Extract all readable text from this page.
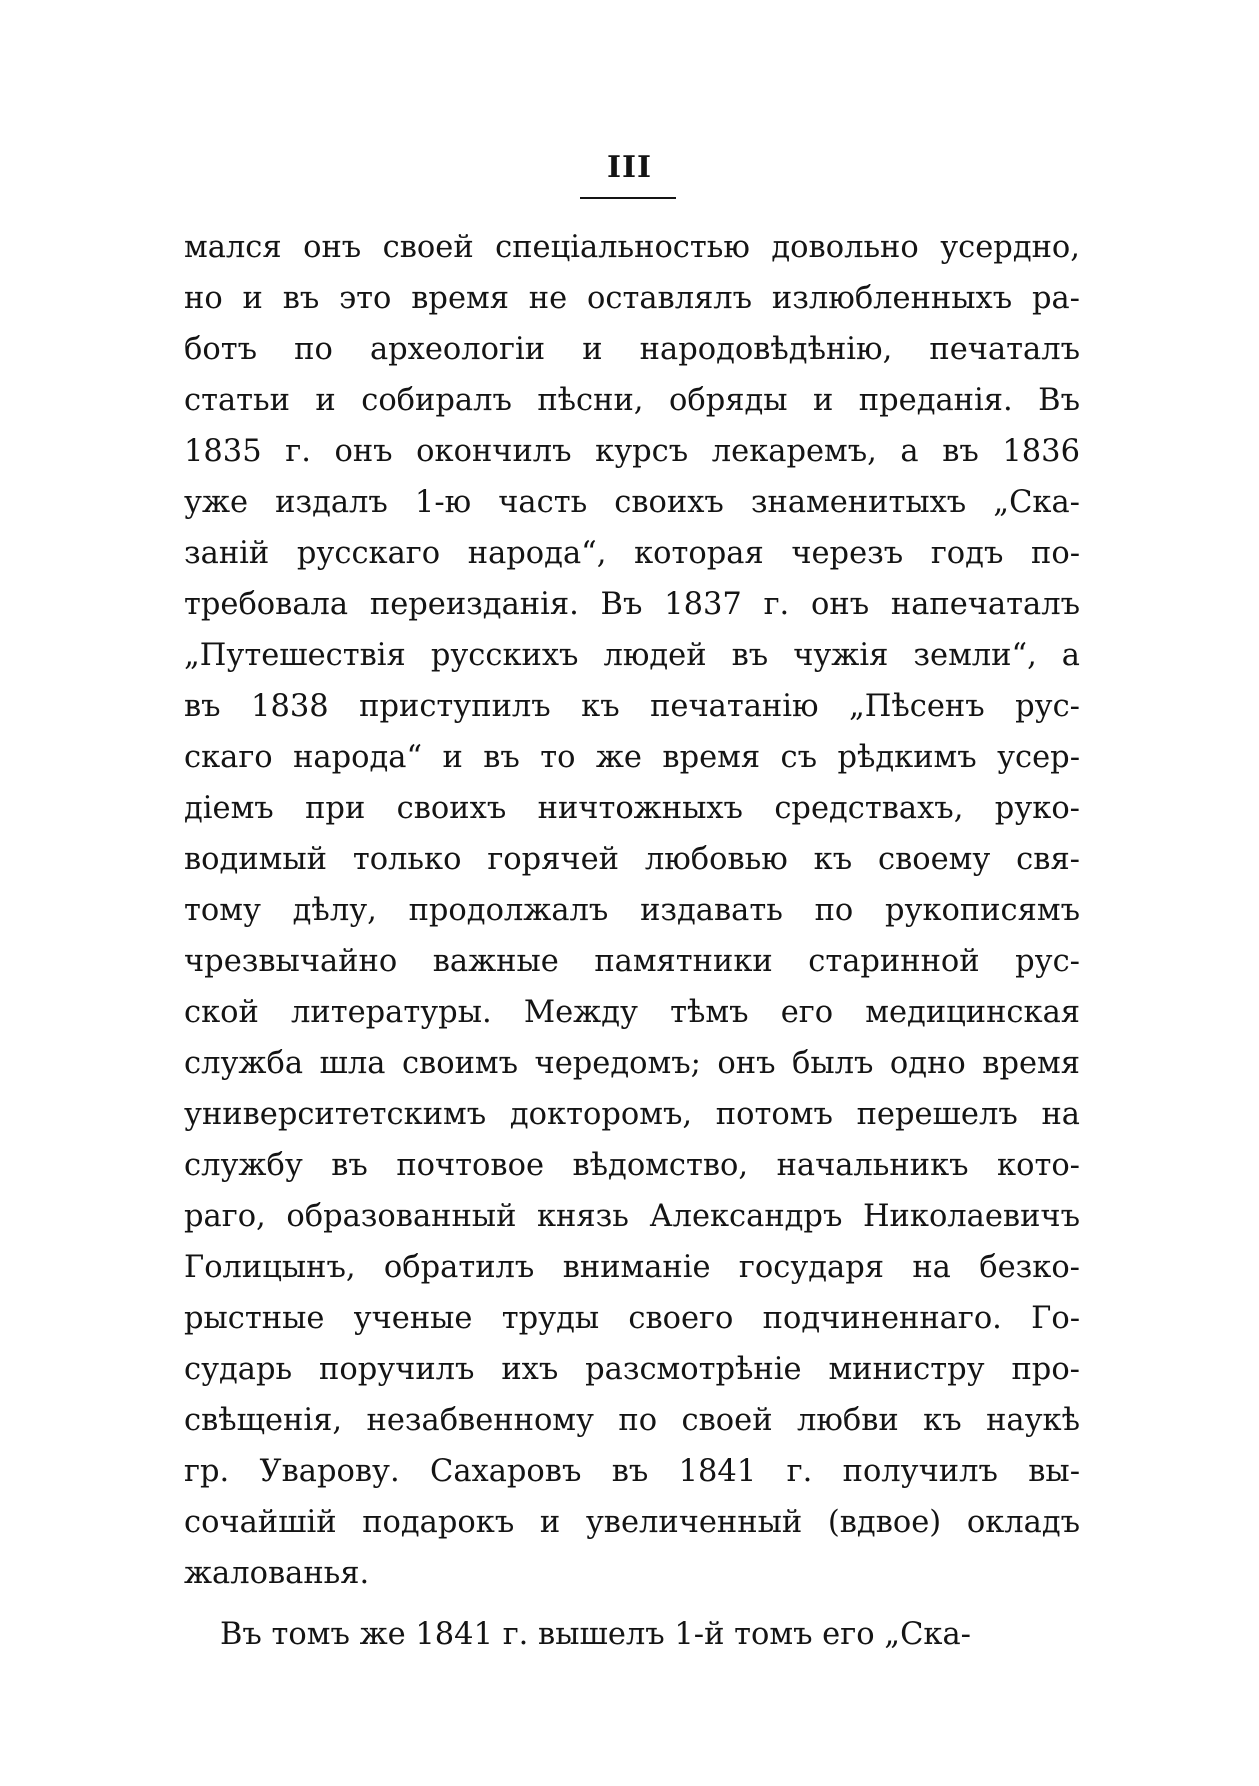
III
мался онъ своей спеціальностью довольно усердно,
но и въ это время не оставлялъ излюбленныхъ ра-
ботъ по археологіи и народовѣдѣнію, печаталъ
статьи и собиралъ пѣсни, обряды и преданія. Въ
1835 г. онъ окончилъ курсъ лекаремъ, а въ 1836
уже издалъ 1-ю часть своихъ знаменитыхъ „Ска-
заній русскаго народа“, которая черезъ годъ по-
требовала переизданія. Въ 1837 г. онъ напечаталъ
„Путешествія русскихъ людей въ чужія земли“, а
въ 1838 приступилъ къ печатанію „Пѣсенъ рус-
скаго народа“ и въ то же время съ рѣдкимъ усер-
діемъ при своихъ ничтожныхъ средствахъ, руко-
водимый только горячей любовью къ своему свя-
тому дѣлу, продолжалъ издавать по рукописямъ
чрезвычайно важные памятники старинной рус-
ской литературы. Между тѣмъ его медицинская
служба шла своимъ чередомъ; онъ былъ одно время
университетскимъ докторомъ, потомъ перешелъ на
службу въ почтовое вѣдомство, начальникъ кото-
раго, образованный князь Александръ Николаевичъ
Голицынъ, обратилъ вниманіе государя на безко-
рыстные ученые труды своего подчиненнаго. Го-
сударь поручилъ ихъ разсмотрѣніе министру про-
свѣщенія, незабвенному по своей любви къ наукѣ
гр. Уварову. Сахаровъ въ 1841 г. получилъ вы-
сочайшій подарокъ и увеличенный (вдвое) окладъ
жалованья.
Въ томъ же 1841 г. вышелъ 1-й томъ его „Ска-
